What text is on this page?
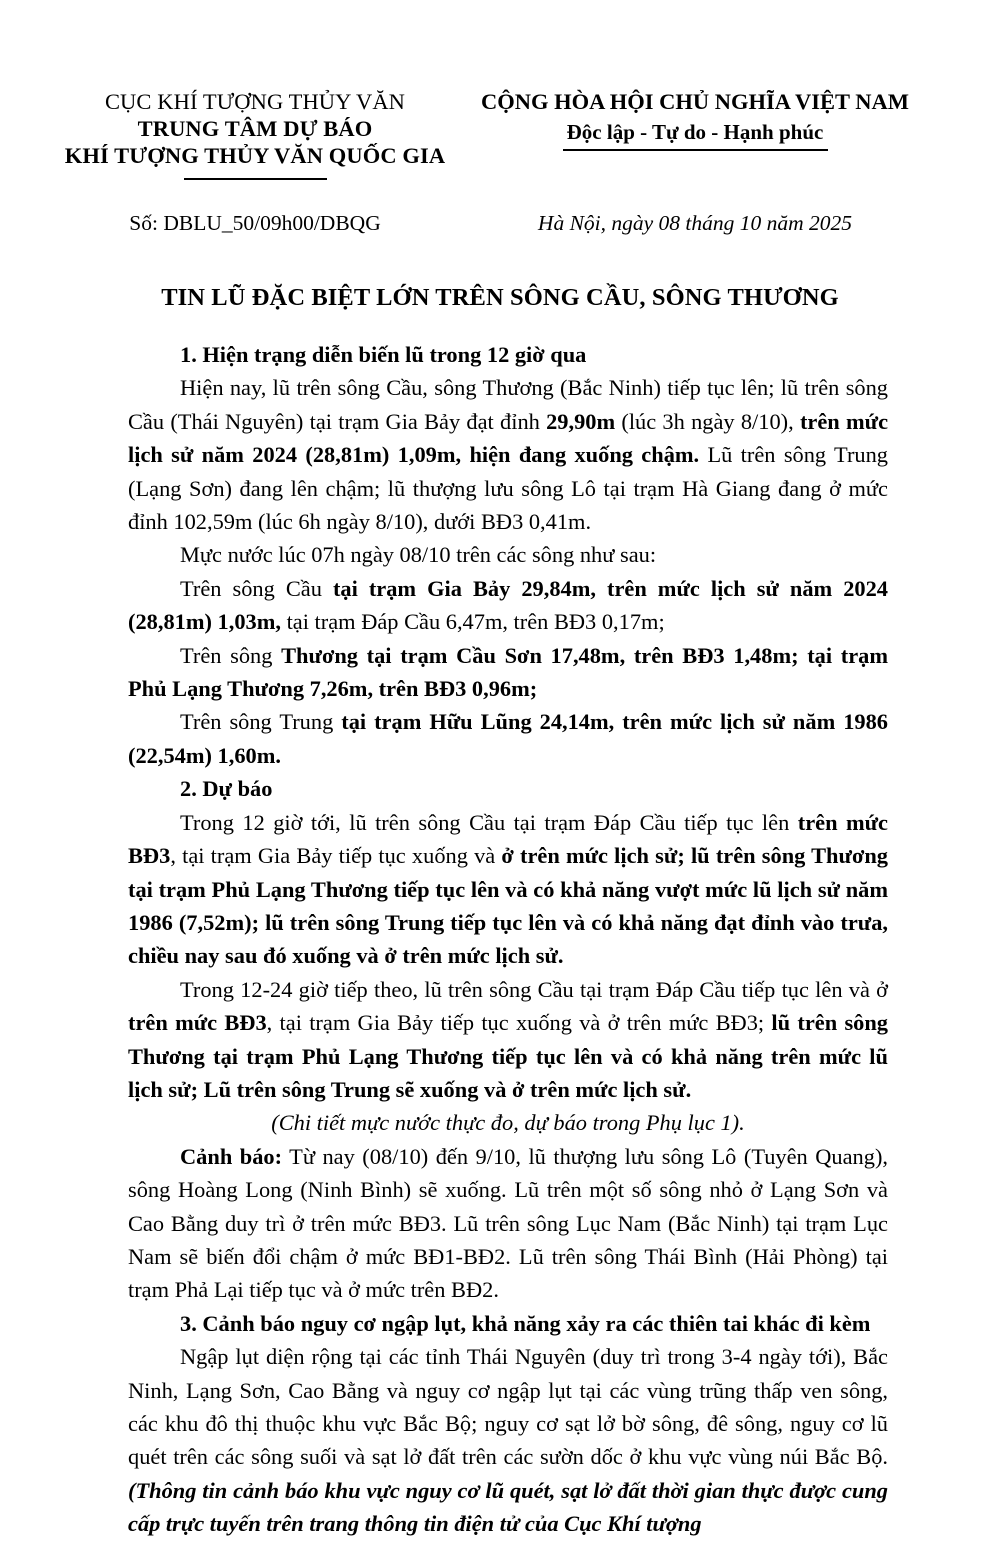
CỤC KHÍ TƯỢNG THỦY VĂN
TRUNG TÂM DỰ BÁO
KHÍ TƯỢNG THỦY VĂN QUỐC GIA
CỘNG HÒA HỘI CHỦ NGHĨA VIỆT NAM
Độc lập - Tự do - Hạnh phúc
Số: DBLU_50/09h00/DBQG	Hà Nội, ngày 08 tháng 10 năm 2025
TIN LŨ ĐẶC BIỆT LỚN TRÊN SÔNG CẦU, SÔNG THƯƠNG

1. Hiện trạng diễn biến lũ trong 12 giờ qua

Hiện nay, lũ trên sông Cầu, sông Thương (Bắc Ninh) tiếp tục lên; lũ trên sông Cầu (Thái Nguyên) tại trạm Gia Bảy đạt đỉnh 29,90m (lúc 3h ngày 8/10), trên mức lịch sử năm 2024 (28,81m) 1,09m, hiện đang xuống chậm. Lũ trên sông Trung (Lạng Sơn) đang lên chậm; lũ thượng lưu sông Lô tại trạm Hà Giang đang ở mức đỉnh 102,59m (lúc 6h ngày 8/10), dưới BĐ3 0,41m.

Mực nước lúc 07h ngày 08/10 trên các sông như sau:

Trên sông Cầu tại trạm Gia Bảy 29,84m, trên mức lịch sử năm 2024 (28,81m) 1,03m, tại trạm Đáp Cầu 6,47m, trên BĐ3 0,17m;

Trên sông Thương tại trạm Cầu Sơn 17,48m, trên BĐ3 1,48m; tại trạm Phủ Lạng Thương 7,26m, trên BĐ3 0,96m;

Trên sông Trung tại trạm Hữu Lũng 24,14m, trên mức lịch sử năm 1986 (22,54m) 1,60m.

2. Dự báo

Trong 12 giờ tới, lũ trên sông Cầu tại trạm Đáp Cầu tiếp tục lên trên mức BĐ3, tại trạm Gia Bảy tiếp tục xuống và ở trên mức lịch sử; lũ trên sông Thương tại trạm Phủ Lạng Thương tiếp tục lên và có khả năng vượt mức lũ lịch sử năm 1986 (7,52m); lũ trên sông Trung tiếp tục lên và có khả năng đạt đỉnh vào trưa, chiều nay sau đó xuống và ở trên mức lịch sử.

Trong 12-24 giờ tiếp theo, lũ trên sông Cầu tại trạm Đáp Cầu tiếp tục lên và ở trên mức BĐ3, tại trạm Gia Bảy tiếp tục xuống và ở trên mức BĐ3; lũ trên sông Thương tại trạm Phủ Lạng Thương tiếp tục lên và có khả năng trên mức lũ lịch sử; Lũ trên sông Trung sẽ xuống và ở trên mức lịch sử.

(Chi tiết mực nước thực đo, dự báo trong Phụ lục 1).

Cảnh báo: Từ nay (08/10) đến 9/10, lũ thượng lưu sông Lô (Tuyên Quang), sông Hoàng Long (Ninh Bình) sẽ xuống. Lũ trên một số sông nhỏ ở Lạng Sơn và Cao Bằng duy trì ở trên mức BĐ3. Lũ trên sông Lục Nam (Bắc Ninh) tại trạm Lục Nam sẽ biến đổi chậm ở mức BĐ1-BĐ2. Lũ trên sông Thái Bình (Hải Phòng) tại trạm Phả Lại tiếp tục và ở mức trên BĐ2.

3. Cảnh báo nguy cơ ngập lụt, khả năng xảy ra các thiên tai khác đi kèm

Ngập lụt diện rộng tại các tỉnh Thái Nguyên (duy trì trong 3-4 ngày tới), Bắc Ninh, Lạng Sơn, Cao Bằng và nguy cơ ngập lụt tại các vùng trũng thấp ven sông, các khu đô thị thuộc khu vực Bắc Bộ; nguy cơ sạt lở bờ sông, đê sông, nguy cơ lũ quét trên các sông suối và sạt lở đất trên các sườn dốc ở khu vực vùng núi Bắc Bộ. (Thông tin cảnh báo khu vực nguy cơ lũ quét, sạt lở đất thời gian thực được cung cấp trực tuyến trên trang thông tin điện tử của Cục Khí tượng
